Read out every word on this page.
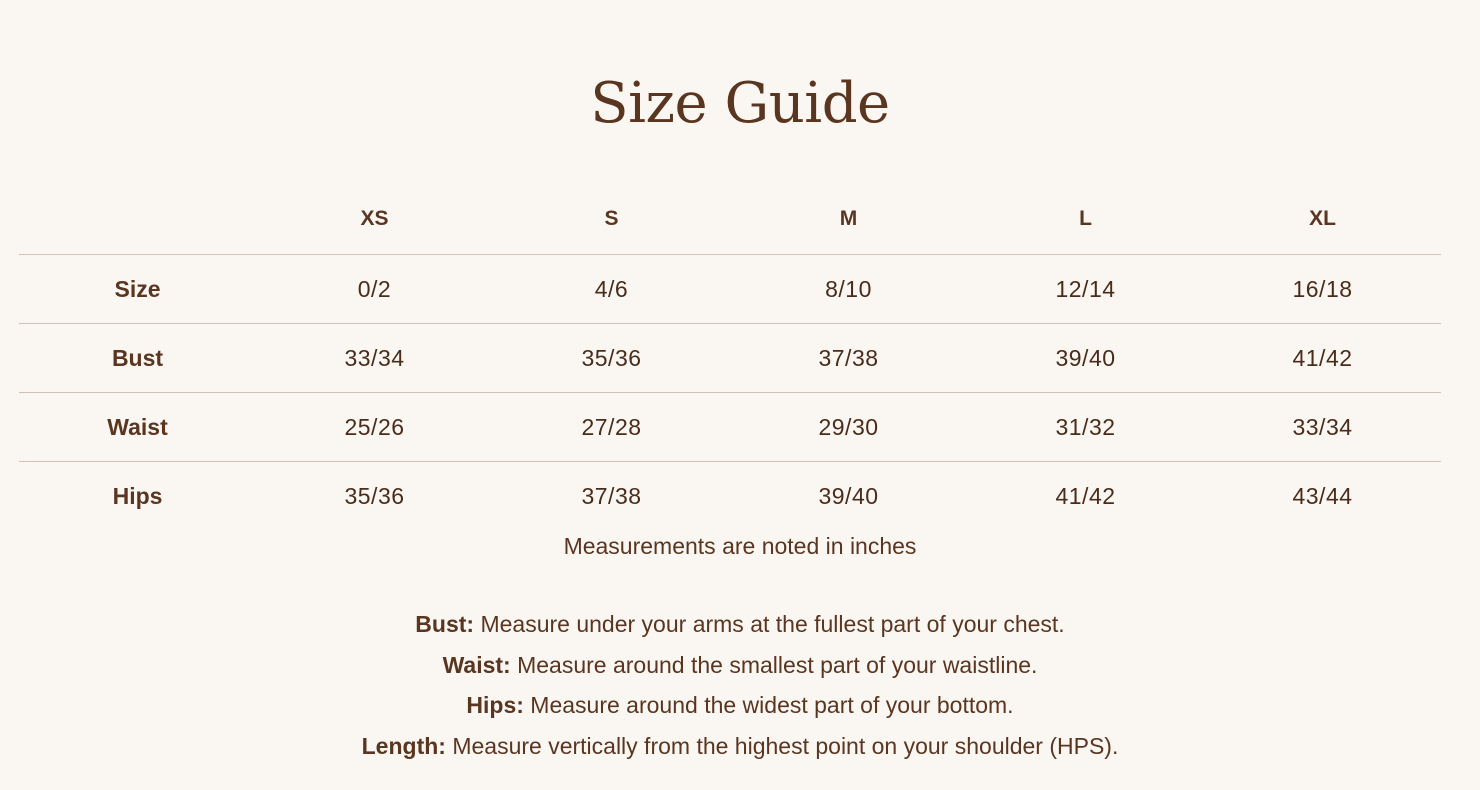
Size Guide
	XS	S	M	L	XL
Size	0/2	4/6	8/10	12/14	16/18
Bust	33/34	35/36	37/38	39/40	41/42
Waist	25/26	27/28	29/30	31/32	33/34
Hips	35/36	37/38	39/40	41/42	43/44
Measurements are noted in inches
Bust: Measure under your arms at the fullest part of your chest.
Waist: Measure around the smallest part of your waistline.
Hips: Measure around the widest part of your bottom.
Length: Measure vertically from the highest point on your shoulder (HPS).
